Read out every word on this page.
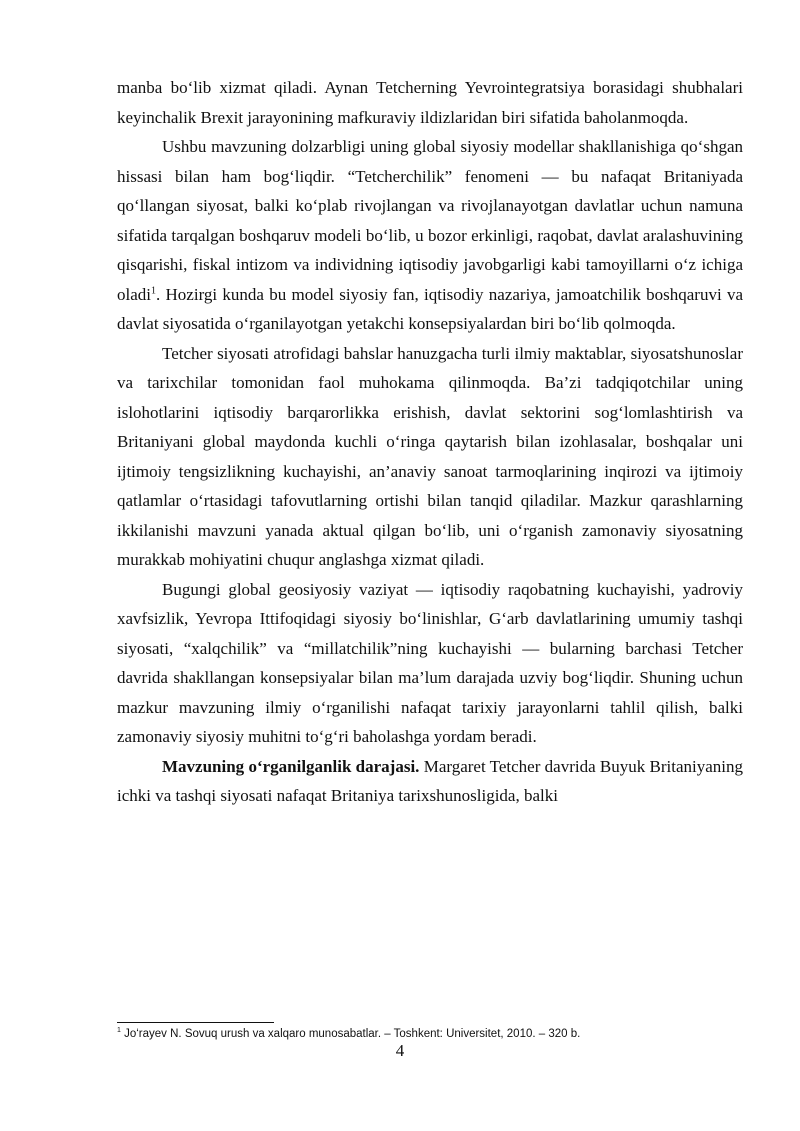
manba bo‘lib xizmat qiladi. Aynan Tetcherning Yevrointegratsiya borasidagi shubhalari keyinchalik Brexit jarayonining mafkuraviy ildizlaridan biri sifatida baholanmoqda.

Ushbu mavzuning dolzarbligi uning global siyosiy modellar shakllanishiga qo‘shgan hissasi bilan ham bog‘liqdir. “Tetcherchilik” fenomeni — bu nafaqat Britaniyada qo‘llangan siyosat, balki ko‘plab rivojlangan va rivojlanayotgan davlatlar uchun namuna sifatida tarqalgan boshqaruv modeli bo‘lib, u bozor erkinligi, raqobat, davlat aralashuvining qisqarishi, fiskal intizom va individning iqtisodiy javobgarligi kabi tamoyillarni o‘z ichiga oladi$^1$. Hozirgi kunda bu model siyosiy fan, iqtisodiy nazariya, jamoatchilik boshqaruvi va davlat siyosatida o‘rganilayotgan yetakchi konsepsiyalardan biri bo‘lib qolmoqda.

Tetcher siyosati atrofidagi bahslar hanuzgacha turli ilmiy maktablar, siyosatshunoslar va tarixchilar tomonidan faol muhokama qilinmoqda. Ba’zi tadqiqotchilar uning islohotlarini iqtisodiy barqarorlikka erishish, davlat sektorini sog‘lomlashtirish va Britaniyani global maydonda kuchli o‘ringa qaytarish bilan izohlasalar, boshqalar uni ijtimoiy tengsizlikning kuchayishi, an’anaviy sanoat tarmoqlarining inqirozi va ijtimoiy qatlamlar o‘rtasidagi tafovutlarning ortishi bilan tanqid qiladilar. Mazkur qarashlarning ikkilanishi mavzuni yanada aktual qilgan bo‘lib, uni o‘rganish zamonaviy siyosatning murakkab mohiyatini chuqur anglashga xizmat qiladi.

Bugungi global geosiyosiy vaziyat — iqtisodiy raqobatning kuchayishi, yadroviy xavfsizlik, Yevropa Ittifoqidagi siyosiy bo‘linishlar, G‘arb davlatlarining umumiy tashqi siyosati, “xalqchilik” va “millatchilik”ning kuchayishi — bularning barchasi Tetcher davrida shakllangan konsepsiyalar bilan ma’lum darajada uzviy bog‘liqdir. Shuning uchun mazkur mavzuning ilmiy o‘rganilishi nafaqat tarixiy jarayonlarni tahlil qilish, balki zamonaviy siyosiy muhitni to‘g‘ri baholashga yordam beradi.

Mavzuning o‘rganilganlik darajasi. Margaret Tetcher davrida Buyuk Britaniyaning ichki va tashqi siyosati nafaqat Britaniya tarixshunosligida, balki

$^1$ Jo‘rayev N. Sovuq urush va xalqaro munosabatlar. – Toshkent: Universitet, 2010. – 320 b.
4
